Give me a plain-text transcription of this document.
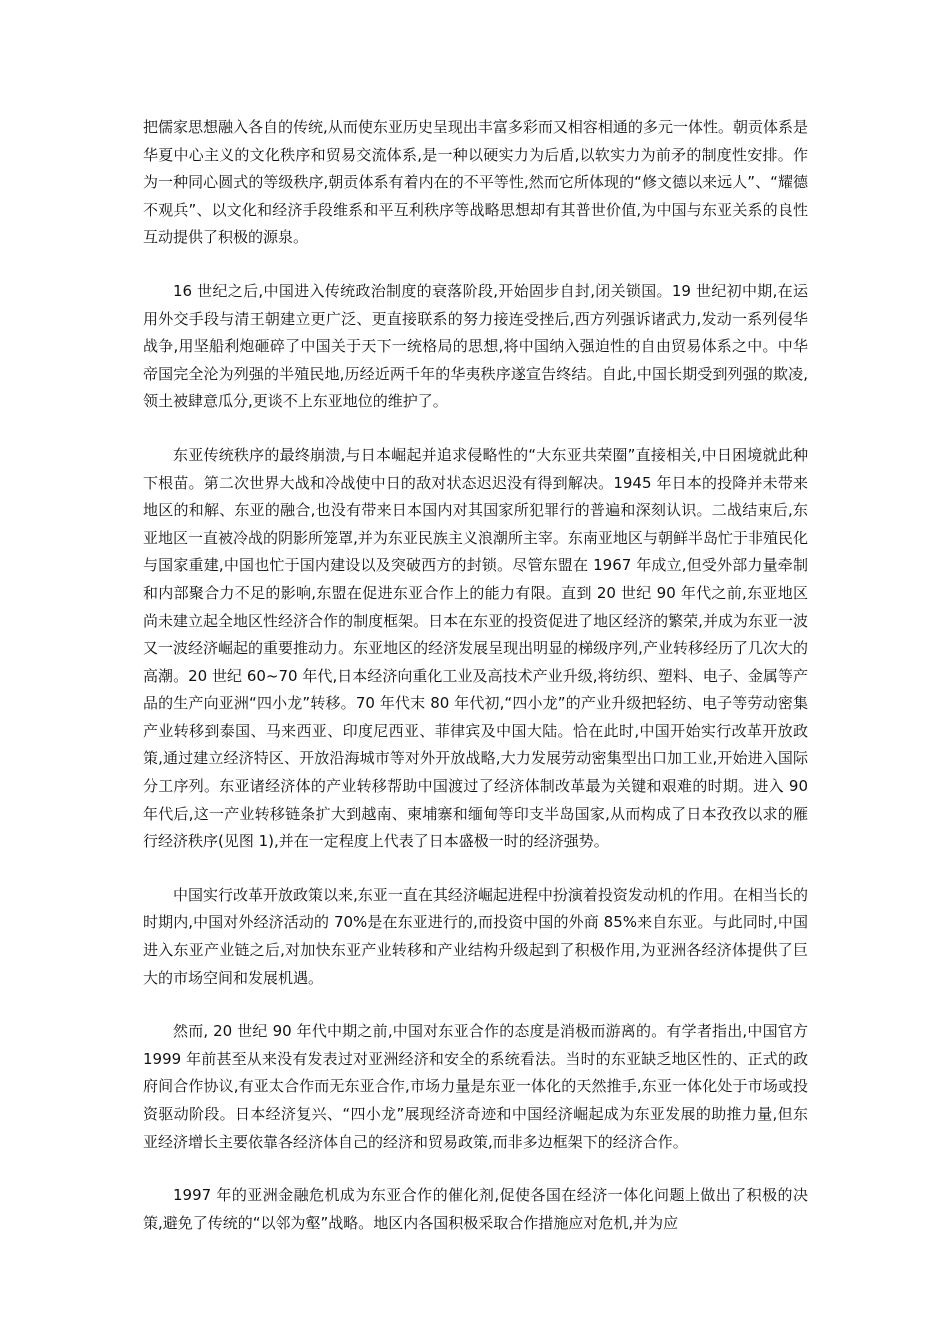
把儒家思想融入各自的传统,从而使东亚历史呈现出丰富多彩而又相容相通的多元一体性。朝贡体系是华夏中心主义的文化秩序和贸易交流体系,是一种以硬实力为后盾,以软实力为前矛的制度性安排。作为一种同心圆式的等级秩序,朝贡体系有着内在的不平等性,然而它所体现的“修文德以来远人”、“耀德不观兵”、以文化和经济手段维系和平互利秩序等战略思想却有其普世价值,为中国与东亚关系的良性互动提供了积极的源泉。

16 世纪之后,中国进入传统政治制度的衰落阶段,开始固步自封,闭关锁国。19 世纪初中期,在运用外交手段与清王朝建立更广泛、更直接联系的努力接连受挫后,西方列强诉诸武力,发动一系列侵华战争,用坚船利炮砸碎了中国关于天下一统格局的思想,将中国纳入强迫性的自由贸易体系之中。中华帝国完全沦为列强的半殖民地,历经近两千年的华夷秩序遂宣告终结。自此,中国长期受到列强的欺凌,领土被肆意瓜分,更谈不上东亚地位的维护了。

东亚传统秩序的最终崩溃,与日本崛起并追求侵略性的“大东亚共荣圈”直接相关,中日困境就此种下根苗。第二次世界大战和冷战使中日的敌对状态迟迟没有得到解决。1945 年日本的投降并未带来地区的和解、东亚的融合,也没有带来日本国内对其国家所犯罪行的普遍和深刻认识。二战结束后,东亚地区一直被冷战的阴影所笼罩,并为东亚民族主义浪潮所主宰。东南亚地区与朝鲜半岛忙于非殖民化与国家重建,中国也忙于国内建设以及突破西方的封锁。尽管东盟在 1967 年成立,但受外部力量牵制和内部聚合力不足的影响,东盟在促进东亚合作上的能力有限。直到 20 世纪 90 年代之前,东亚地区尚未建立起全地区性经济合作的制度框架。日本在东亚的投资促进了地区经济的繁荣,并成为东亚一波又一波经济崛起的重要推动力。东亚地区的经济发展呈现出明显的梯级序列,产业转移经历了几次大的高潮。20 世纪 60~70 年代,日本经济向重化工业及高技术产业升级,将纺织、塑料、电子、金属等产品的生产向亚洲“四小龙”转移。70 年代末 80 年代初,“四小龙”的产业升级把轻纺、电子等劳动密集产业转移到泰国、马来西亚、印度尼西亚、菲律宾及中国大陆。恰在此时,中国开始实行改革开放政策,通过建立经济特区、开放沿海城市等对外开放战略,大力发展劳动密集型出口加工业,开始进入国际分工序列。东亚诸经济体的产业转移帮助中国渡过了经济体制改革最为关键和艰难的时期。进入 90 年代后,这一产业转移链条扩大到越南、柬埔寨和缅甸等印支半岛国家,从而构成了日本孜孜以求的雁行经济秩序(见图 1),并在一定程度上代表了日本盛极一时的经济强势。

中国实行改革开放政策以来,东亚一直在其经济崛起进程中扮演着投资发动机的作用。在相当长的时期内,中国对外经济活动的 70%是在东亚进行的,而投资中国的外商 85%来自东亚。与此同时,中国进入东亚产业链之后,对加快东亚产业转移和产业结构升级起到了积极作用,为亚洲各经济体提供了巨大的市场空间和发展机遇。

然而, 20 世纪 90 年代中期之前,中国对东亚合作的态度是消极而游离的。有学者指出,中国官方 1999 年前甚至从来没有发表过对亚洲经济和安全的系统看法。当时的东亚缺乏地区性的、正式的政府间合作协议,有亚太合作而无东亚合作,市场力量是东亚一体化的天然推手,东亚一体化处于市场或投资驱动阶段。日本经济复兴、“四小龙”展现经济奇迹和中国经济崛起成为东亚发展的助推力量,但东亚经济增长主要依靠各经济体自己的经济和贸易政策,而非多边框架下的经济合作。

1997 年的亚洲金融危机成为东亚合作的催化剂,促使各国在经济一体化问题上做出了积极的决策,避免了传统的“以邻为壑”战略。地区内各国积极采取合作措施应对危机,并为应
